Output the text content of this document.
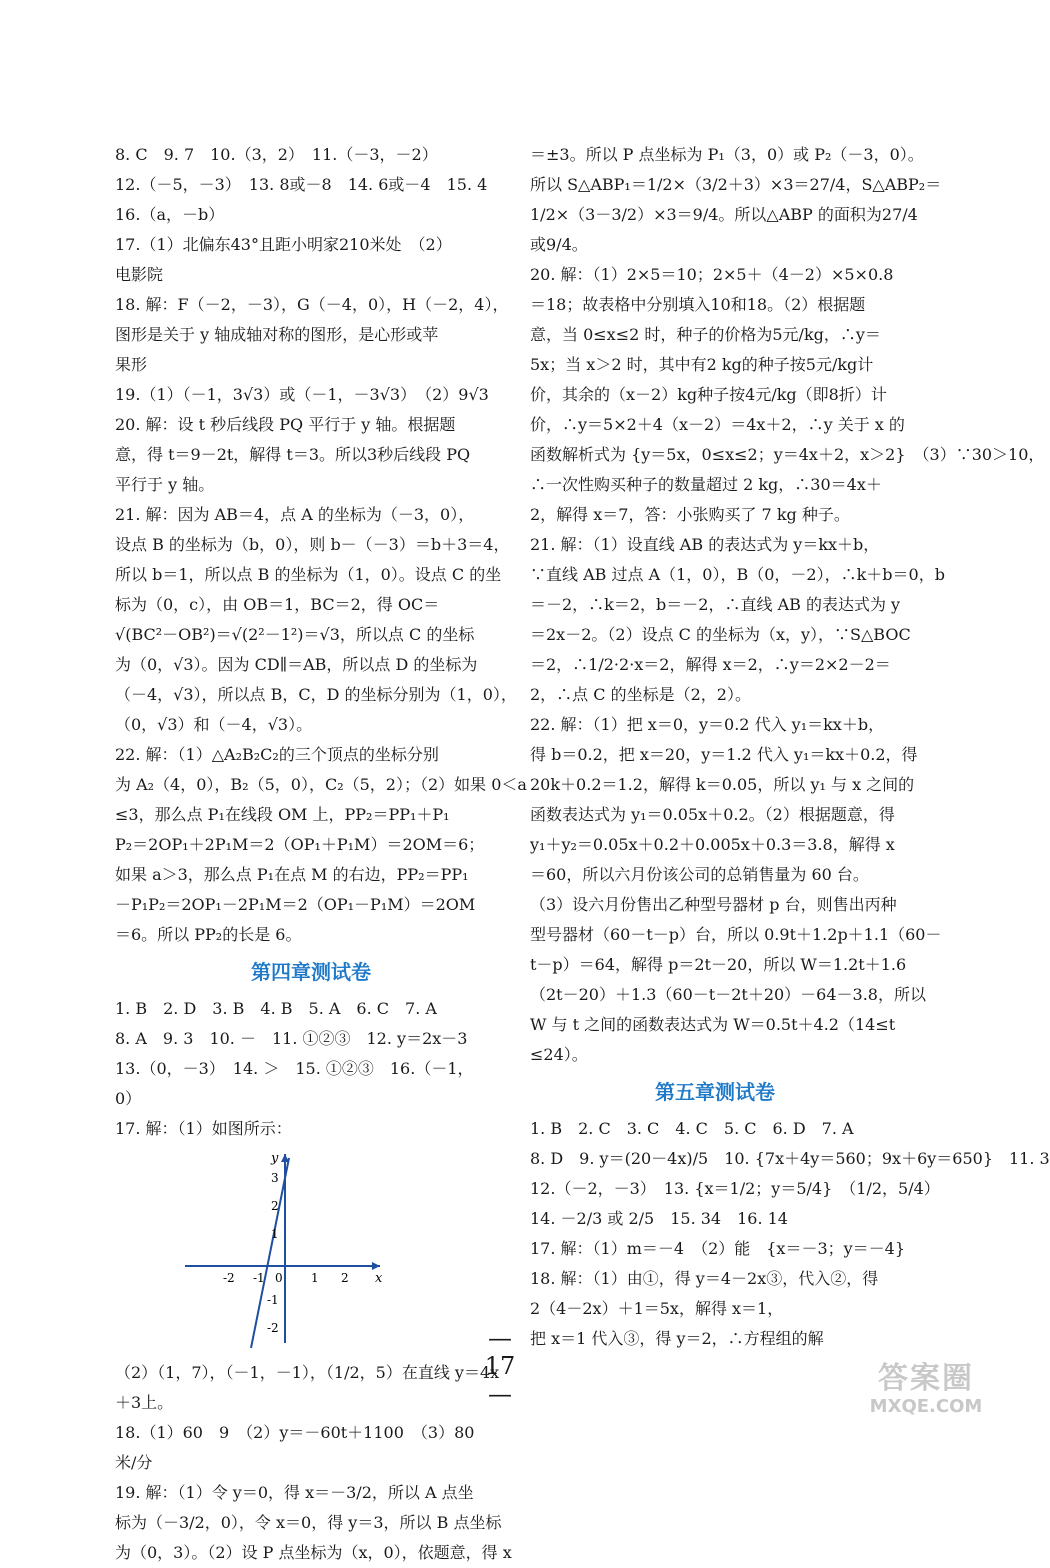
8. C　9. 7　10.（3，2）　11.（－3，－2）
12.（－5，－3）　13. 8或－8　14. 6或－4　15. 4
16.（a，－b）
17.（1）北偏东43°且距小明家210米处　（2）
电影院
18. 解：F（－2，－3），G（－4，0），H（－2，4），
图形是关于 y 轴成轴对称的图形，是心形或苹
果形
19.（1）（－1，3√3）或（－1，－3√3）　（2）9√3
20. 解：设 t 秒后线段 PQ 平行于 y 轴。根据题
意，得 t＝9－2t，解得 t＝3。所以3秒后线段 PQ
平行于 y 轴。
21. 解：因为 AB＝4，点 A 的坐标为（－3，0），
设点 B 的坐标为（b，0），则 b－（－3）＝b＋3＝4，
所以 b＝1，所以点 B 的坐标为（1，0）。设点 C 的坐
标为（0，c），由 OB＝1，BC＝2，得 OC＝
√(BC²－OB²)＝√(2²－1²)＝√3，所以点 C 的坐标
为（0，√3）。因为 CD∥＝AB，所以点 D 的坐标为
（－4，√3），所以点 B，C，D 的坐标分别为（1，0），
（0，√3）和（－4，√3）。
22. 解：（1）△A₂B₂C₂的三个顶点的坐标分别
为 A₂（4，0），B₂（5，0），C₂（5，2）；（2）如果 0＜a
≤3，那么点 P₁在线段 OM 上，PP₂＝PP₁＋P₁
P₂＝2OP₁＋2P₁M＝2（OP₁＋P₁M）＝2OM＝6；
如果 a＞3，那么点 P₁在点 M 的右边，PP₂＝PP₁
－P₁P₂＝2OP₁－2P₁M＝2（OP₁－P₁M）＝2OM
＝6。所以 PP₂的长是 6。
第四章测试卷
1. B　2. D　3. B　4. B　5. A　6. C　7. A
8. A　9. 3　10. －　11. ①②③　12. y＝2x－3
13.（0，－3）　14. ＞　15. ①②③　16.（－1，
0）
17. 解：（1）如图所示：
x
y
-2 -1 0 1 2
3
2
1
-1
-2
（2）（1，7），（－1，－1），（1/2，5）在直线 y＝4x
＋3上。
18.（1）60　9　（2）y＝－60t＋1100　（3）80
米/分
19. 解：（1）令 y＝0，得 x＝－3/2，所以 A 点坐
标为（－3/2，0），令 x＝0，得 y＝3，所以 B 点坐标
为（0，3）。（2）设 P 点坐标为（x，0），依题意，得 x
＝±3。所以 P 点坐标为 P₁（3，0）或 P₂（－3，0）。
所以 S△ABP₁＝1/2×（3/2＋3）×3＝27/4，S△ABP₂＝
1/2×（3－3/2）×3＝9/4。所以△ABP 的面积为27/4
或9/4。
20. 解：（1）2×5＝10；2×5＋（4－2）×5×0.8
＝18；故表格中分别填入10和18。（2）根据题
意，当 0≤x≤2 时，种子的价格为5元/kg，∴y＝
5x；当 x＞2 时，其中有2 kg的种子按5元/kg计
价，其余的（x－2）kg种子按4元/kg（即8折）计
价，∴y＝5×2＋4（x－2）＝4x＋2，∴y 关于 x 的
函数解析式为 {y＝5x，0≤x≤2；y＝4x＋2，x＞2}　（3）∵30＞10，
∴一次性购买种子的数量超过 2 kg，∴30＝4x＋
2，解得 x＝7，答：小张购买了 7 kg 种子。
21. 解：（1）设直线 AB 的表达式为 y＝kx＋b，
∵直线 AB 过点 A（1，0），B（0，－2），∴k＋b＝0，b
＝－2，∴k＝2，b＝－2，∴直线 AB 的表达式为 y
＝2x－2。（2）设点 C 的坐标为（x，y），∵S△BOC
＝2，∴1/2·2·x＝2，解得 x＝2，∴y＝2×2－2＝
2，∴点 C 的坐标是（2，2）。
22. 解：（1）把 x＝0，y＝0.2 代入 y₁＝kx＋b，
得 b＝0.2，把 x＝20，y＝1.2 代入 y₁＝kx＋0.2，得
20k＋0.2＝1.2，解得 k＝0.05，所以 y₁ 与 x 之间的
函数表达式为 y₁＝0.05x＋0.2。（2）根据题意，得
y₁＋y₂＝0.05x＋0.2＋0.005x＋0.3＝3.8，解得 x
＝60，所以六月份该公司的总销售量为 60 台。
（3）设六月份售出乙种型号器材 p 台，则售出丙种
型号器材（60－t－p）台，所以 0.9t＋1.2p＋1.1（60－
t－p）＝64，解得 p＝2t－20，所以 W＝1.2t＋1.6
（2t－20）＋1.3（60－t－2t＋20）－64－3.8，所以
W 与 t 之间的函数表达式为 W＝0.5t＋4.2（14≤t
≤24）。
第五章测试卷
1. B　2. C　3. C　4. C　5. C　6. D　7. A
8. D　9. y＝(20－4x)/5　10. {7x＋4y＝560；9x＋6y＝650}　11. 3
12.（－2，－3）　13. {x＝1/2；y＝5/4}　（1/2，5/4）
14. －2/3 或 2/5　15. 34　16. 14
17. 解：（1）m＝－4　（2）能　{x＝－3；y＝－4}
18. 解：（1）由①，得 y＝4－2x③，代入②，得
2（4－2x）＋1＝5x，解得 x＝1，
把 x＝1 代入③，得 y＝2，∴方程组的解
— 17 —	答案圈
MXQE.COM
